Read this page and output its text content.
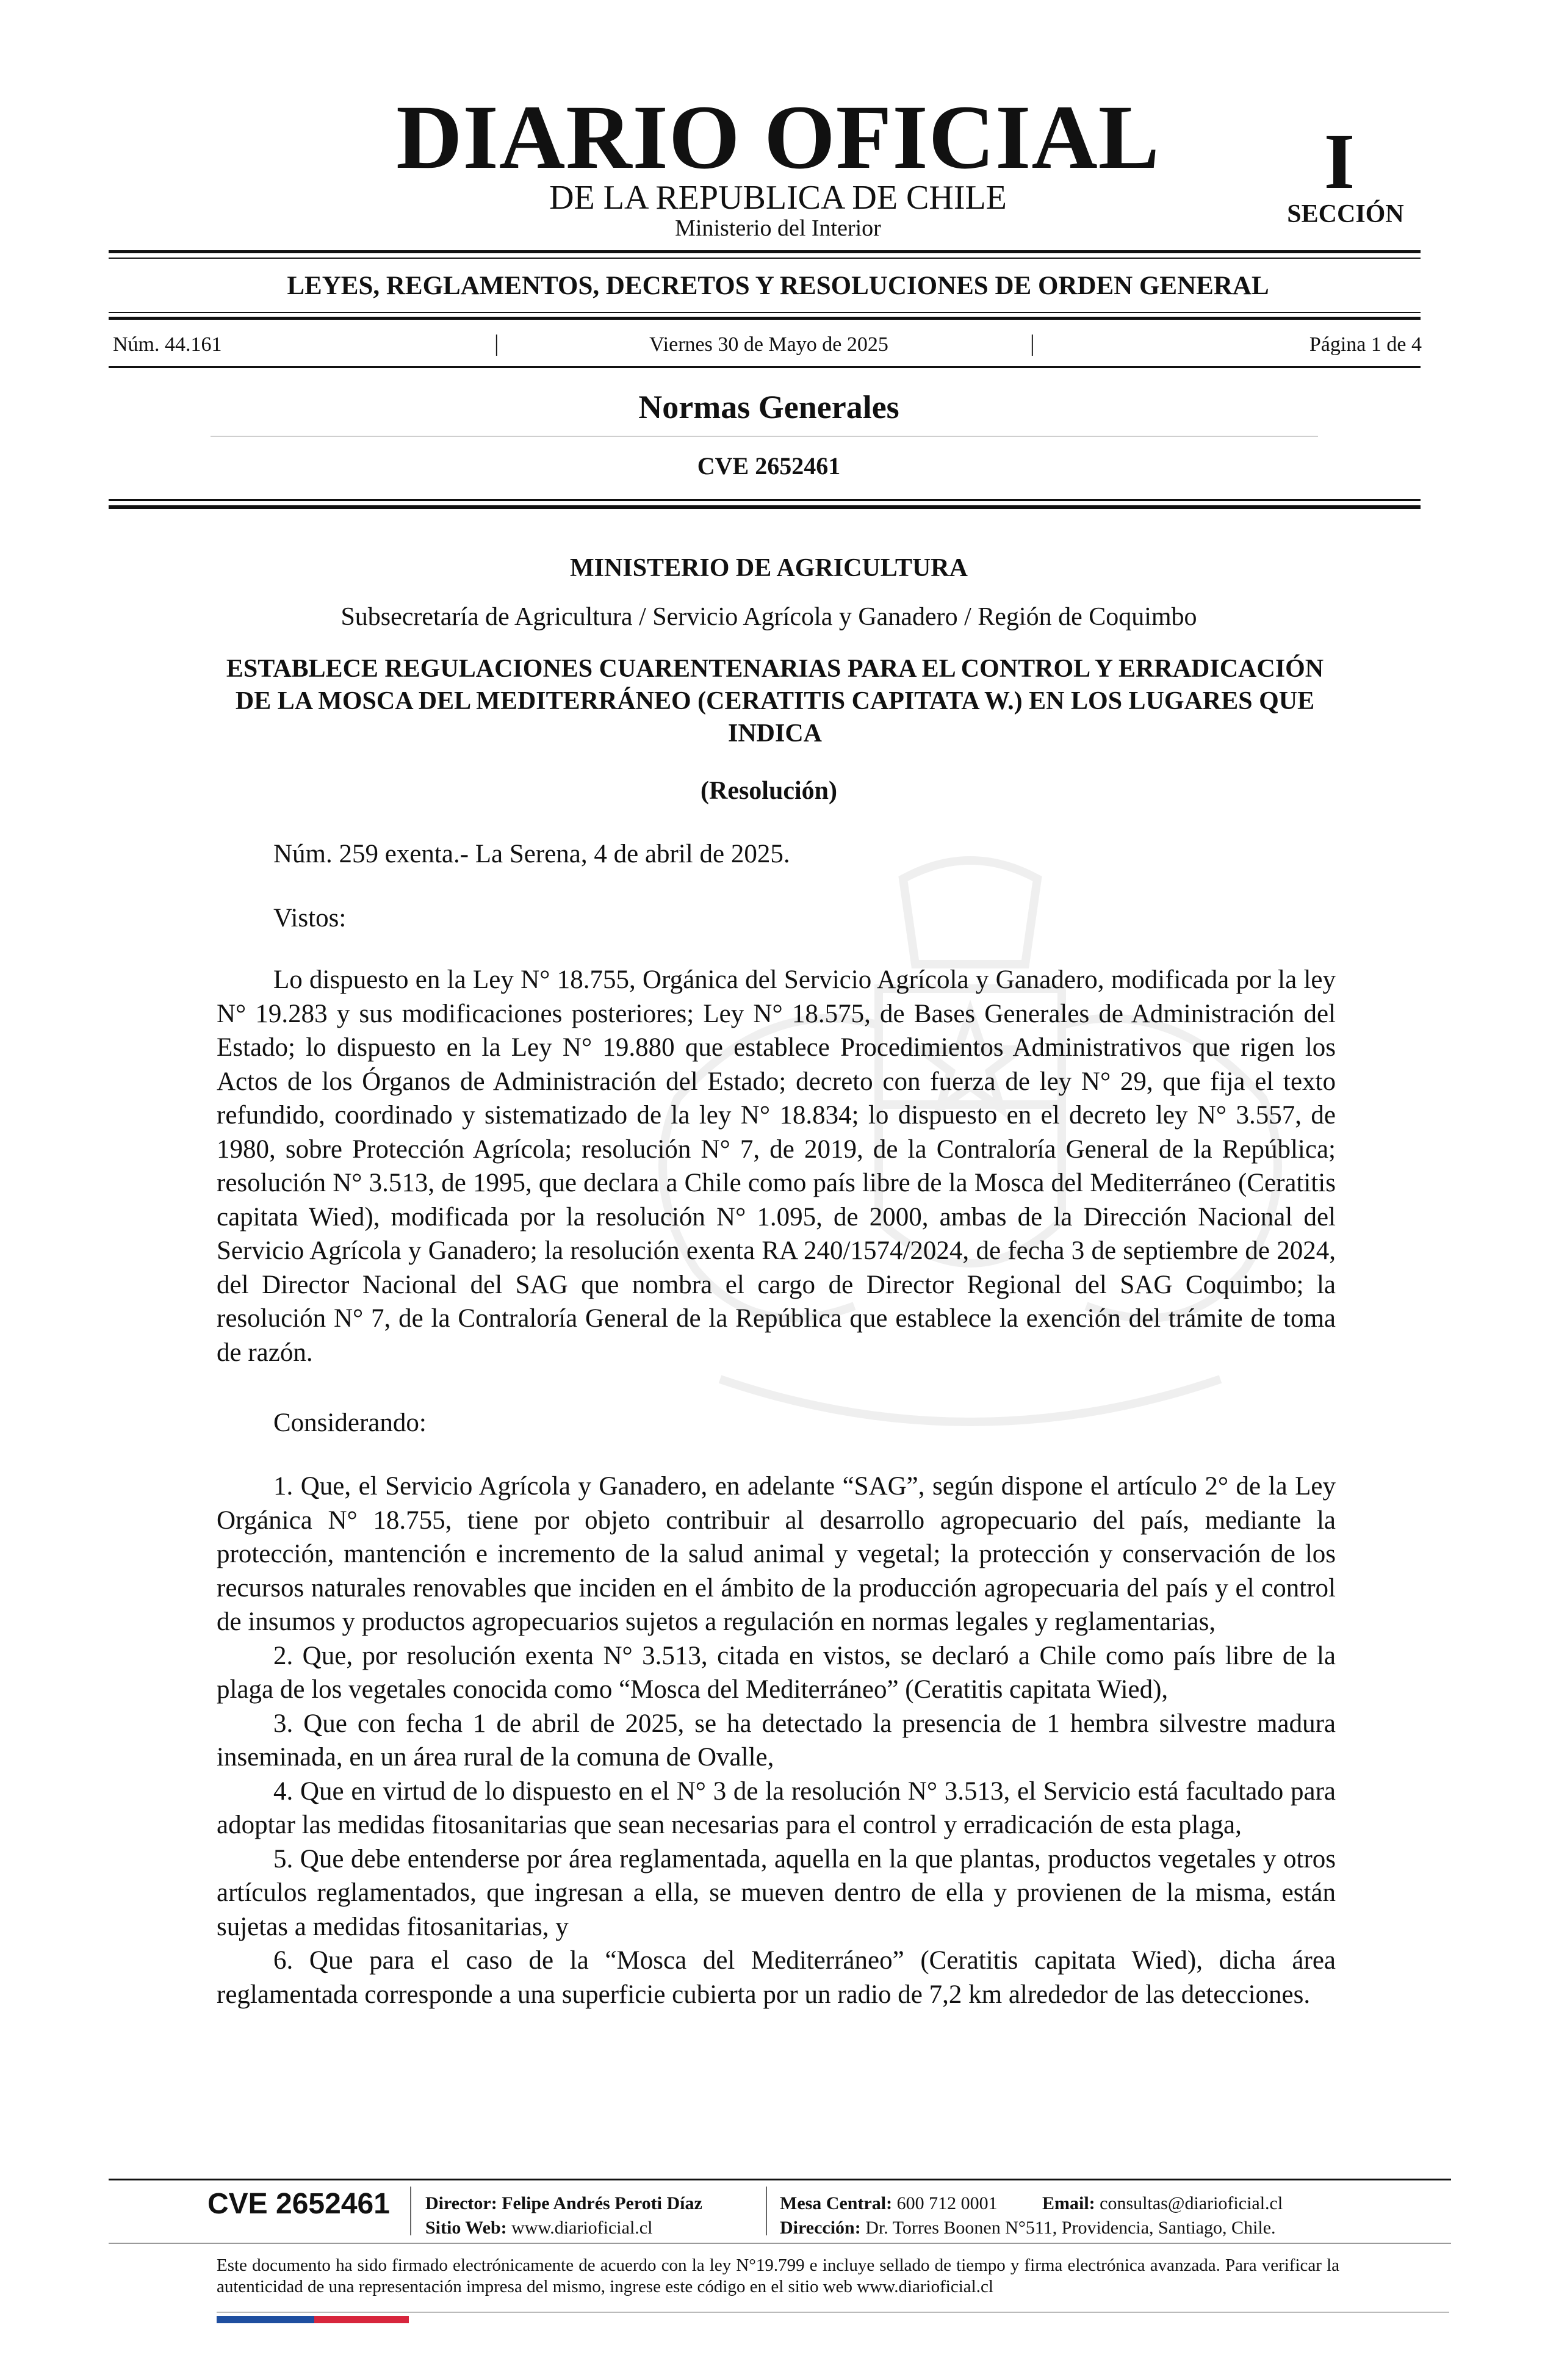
DIARIO OFICIAL
DE LA REPUBLICA DE CHILE
Ministerio del Interior
I
SECCIÓN
LEYES, REGLAMENTOS, DECRETOS Y RESOLUCIONES DE ORDEN GENERAL
Núm. 44.161	|	Viernes 30 de Mayo de 2025	|	Página 1 de 4
Normas Generales
CVE 2652461
MINISTERIO DE AGRICULTURA
Subsecretaría de Agricultura / Servicio Agrícola y Ganadero / Región de Coquimbo
ESTABLECE REGULACIONES CUARENTENARIAS PARA EL CONTROL Y ERRADICACIÓN DE LA MOSCA DEL MEDITERRÁNEO (CERATITIS CAPITATA W.) EN LOS LUGARES QUE INDICA
(Resolución)
Núm. 259 exenta.- La Serena, 4 de abril de 2025.
Vistos:
Lo dispuesto en la Ley N° 18.755, Orgánica del Servicio Agrícola y Ganadero, modificada por la ley N° 19.283 y sus modificaciones posteriores; Ley N° 18.575, de Bases Generales de Administración del Estado; lo dispuesto en la Ley N° 19.880 que establece Procedimientos Administrativos que rigen los Actos de los Órganos de Administración del Estado; decreto con fuerza de ley N° 29, que fija el texto refundido, coordinado y sistematizado de la ley N° 18.834; lo dispuesto en el decreto ley N° 3.557, de 1980, sobre Protección Agrícola; resolución N° 7, de 2019, de la Contraloría General de la República; resolución N° 3.513, de 1995, que declara a Chile como país libre de la Mosca del Mediterráneo (Ceratitis capitata Wied), modificada por la resolución N° 1.095, de 2000, ambas de la Dirección Nacional del Servicio Agrícola y Ganadero; la resolución exenta RA 240/1574/2024, de fecha 3 de septiembre de 2024, del Director Nacional del SAG que nombra el cargo de Director Regional del SAG Coquimbo; la resolución N° 7, de la Contraloría General de la República que establece la exención del trámite de toma de razón.
Considerando:

1. Que, el Servicio Agrícola y Ganadero, en adelante “SAG”, según dispone el artículo 2° de la Ley Orgánica N° 18.755, tiene por objeto contribuir al desarrollo agropecuario del país, mediante la protección, mantención e incremento de la salud animal y vegetal; la protección y conservación de los recursos naturales renovables que inciden en el ámbito de la producción agropecuaria del país y el control de insumos y productos agropecuarios sujetos a regulación en normas legales y reglamentarias,

2. Que, por resolución exenta N° 3.513, citada en vistos, se declaró a Chile como país libre de la plaga de los vegetales conocida como “Mosca del Mediterráneo” (Ceratitis capitata Wied),

3. Que con fecha 1 de abril de 2025, se ha detectado la presencia de 1 hembra silvestre madura inseminada, en un área rural de la comuna de Ovalle,

4. Que en virtud de lo dispuesto en el N° 3 de la resolución N° 3.513, el Servicio está facultado para adoptar las medidas fitosanitarias que sean necesarias para el control y erradicación de esta plaga,

5. Que debe entenderse por área reglamentada, aquella en la que plantas, productos vegetales y otros artículos reglamentados, que ingresan a ella, se mueven dentro de ella y provienen de la misma, están sujetas a medidas fitosanitarias, y

6. Que para el caso de la “Mosca del Mediterráneo” (Ceratitis capitata Wied), dicha área reglamentada corresponde a una superficie cubierta por un radio de 7,2 km alrededor de las detecciones.

CVE 2652461 Director: Felipe Andrés Peroti Díaz
Sitio Web: www.diarioficial.cl
Mesa Central: 600 712 0001 Email: consultas@diarioficial.cl
Dirección: Dr. Torres Boonen N°511, Providencia, Santiago, Chile.
Este documento ha sido firmado electrónicamente de acuerdo con la ley N°19.799 e incluye sellado de tiempo y firma electrónica avanzada. Para verificar la autenticidad de una representación impresa del mismo, ingrese este código en el sitio web www.diarioficial.cl
